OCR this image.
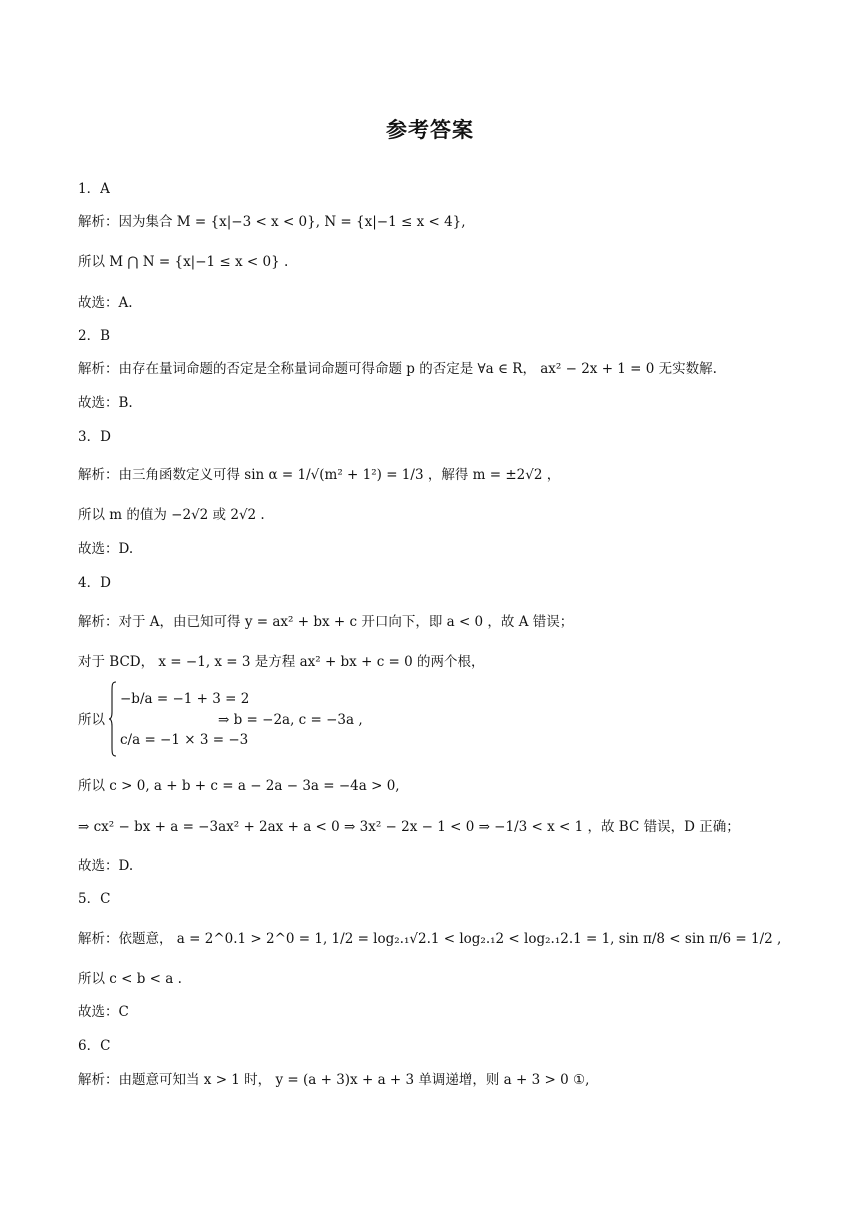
参考答案
1．A
解析：因为集合 M = {x|−3 < x < 0}, N = {x|−1 ≤ x < 4},
所以 M ⋂ N = {x|−1 ≤ x < 0} .
故选：A.
2．B
解析：由存在量词命题的否定是全称量词命题可得命题 p 的否定是 ∀a ∈ R， ax² − 2x + 1 = 0 无实数解.
故选：B.
3．D
解析：由三角函数定义可得 sin α = 1/√(m² + 1²) = 1/3 ，解得 m = ±2√2 ，
所以 m 的值为 −2√2 或 2√2 .
故选：D.
4．D
解析：对于 A，由已知可得 y = ax² + bx + c 开口向下，即 a < 0 ，故 A 错误；
对于 BCD， x = −1, x = 3 是方程 ax² + bx + c = 0 的两个根，
所以
−b/a = −1 + 3 = 2
⇒ b = −2a, c = −3a ,
c/a = −1 × 3 = −3
所以 c > 0, a + b + c = a − 2a − 3a = −4a > 0,
⇒ cx² − bx + a = −3ax² + 2ax + a < 0 ⇒ 3x² − 2x − 1 < 0 ⇒ −1/3 < x < 1 ，故 BC 错误，D 正确；
故选：D.
5．C
解析：依题意， a = 2^0.1 > 2^0 = 1, 1/2 = log₂.₁√2.1 < log₂.₁2 < log₂.₁2.1 = 1, sin π/8 < sin π/6 = 1/2 ,
所以 c < b < a .
故选：C
6．C
解析：由题意可知当 x > 1 时， y = (a + 3)x + a + 3 单调递增，则 a + 3 > 0 ①,
